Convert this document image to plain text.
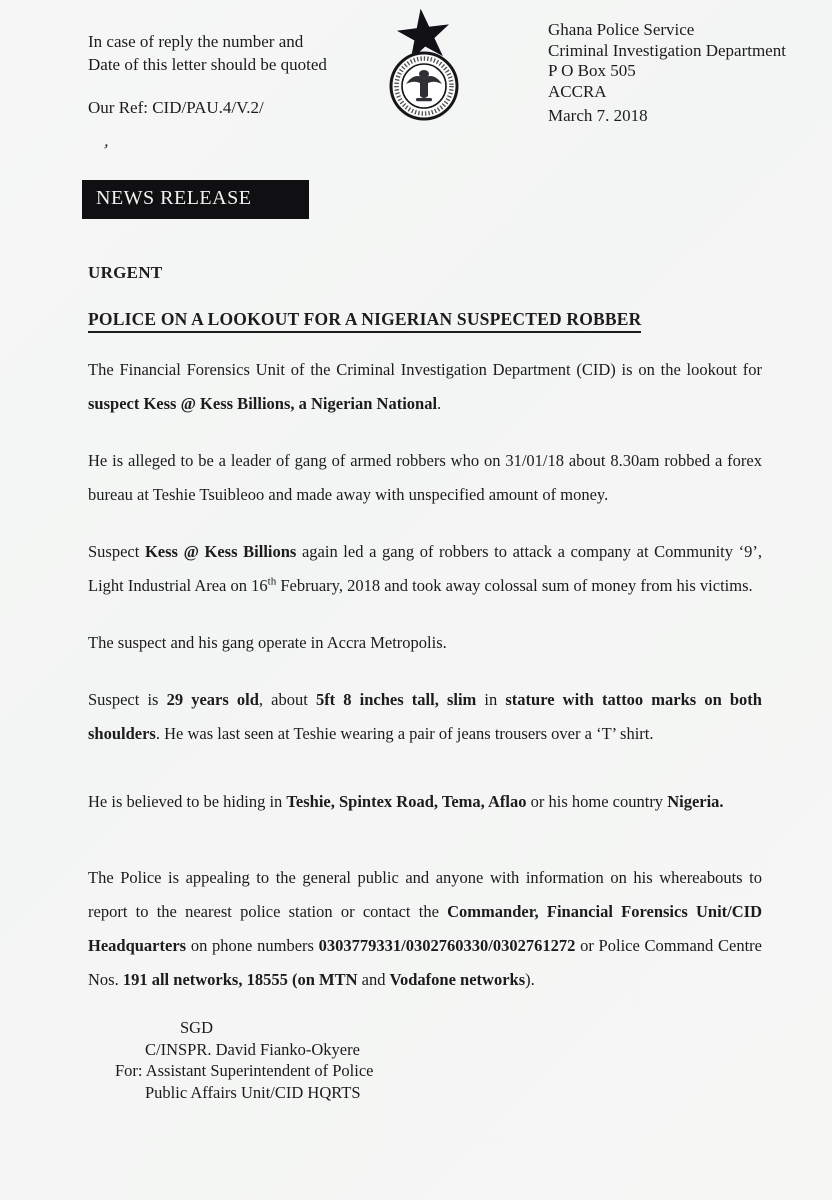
In case of reply the number and
Date of this letter should be quoted
Our Ref: CID/PAU.4/V.2/
Ghana Police Service
Criminal Investigation Department
P O Box 505
ACCRA
March 7. 2018
’
NEWS RELEASE
URGENT
POLICE ON A LOOKOUT FOR A NIGERIAN SUSPECTED ROBBER
The Financial Forensics Unit of the Criminal Investigation Department (CID) is on the lookout for suspect Kess @ Kess Billions, a Nigerian National.
He is alleged to be a leader of gang of armed robbers who on 31/01/18 about 8.30am robbed a forex bureau at Teshie Tsuibleoo and made away with unspecified amount of money.
Suspect Kess @ Kess Billions again led a gang of robbers to attack a company at Community ‘9’, Light Industrial Area on 16th February, 2018 and took away colossal sum of money from his victims.
The suspect and his gang operate in Accra Metropolis.
Suspect is 29 years old, about 5ft 8 inches tall, slim in stature with tattoo marks on both shoulders. He was last seen at Teshie wearing a pair of jeans trousers over a ‘T’ shirt.
He is believed to be hiding in Teshie, Spintex Road, Tema, Aflao or his home country Nigeria.
The Police is appealing to the general public and anyone with information on his whereabouts to report to the nearest police station or contact the Commander, Financial Forensics Unit/CID Headquarters on phone numbers 0303779331/0302760330/0302761272 or Police Command Centre Nos. 191 all networks, 18555 (on MTN and Vodafone networks).
SGD
C/INSPR. David Fianko-Okyere
For: Assistant Superintendent of Police
Public Affairs Unit/CID HQRTS
